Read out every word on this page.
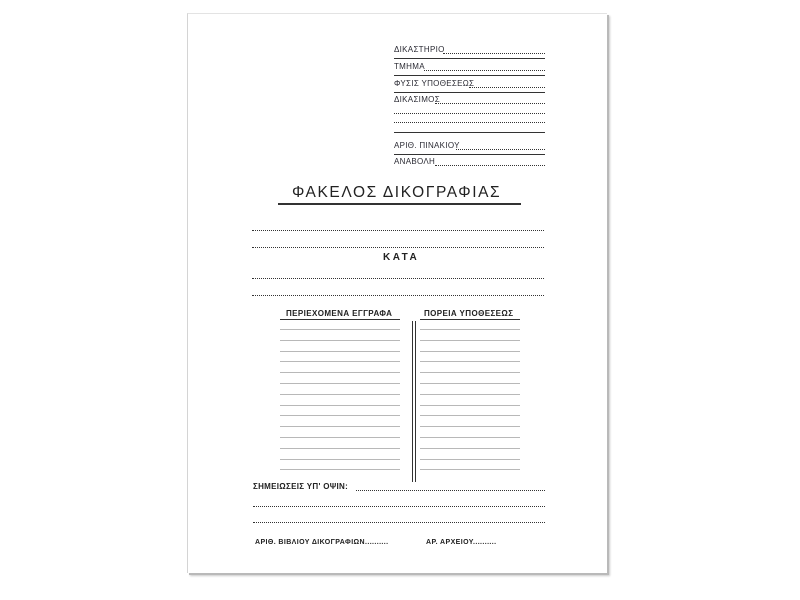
ΔΙΚΑΣΤΗΡΙΟ
ΤΜΗΜΑ
ΦΥΣΙΣ ΥΠΟΘΕΣΕΩΣ
ΔΙΚΑΣΙΜΟΣ
ΑΡΙΘ. ΠΙΝΑΚΙΟΥ
ΑΝΑΒΟΛΗ
ΦΑΚΕΛΟΣ ΔΙΚΟΓΡΑΦΙΑΣ
ΚΑΤΑ
ΠΕΡΙΕΧΟΜΕΝΑ ΕΓΓΡΑΦΑ	ΠΟΡΕΙΑ ΥΠΟΘΕΣΕΩΣ
ΣΗΜΕΙΩΣΕΙΣ ΥΠ' ΟΨΙΝ:
ΑΡΙΘ. ΒΙΒΛΙΟΥ ΔΙΚΟΓΡΑΦΙΩΝ..........	ΑΡ. ΑΡΧΕΙΟΥ..........
